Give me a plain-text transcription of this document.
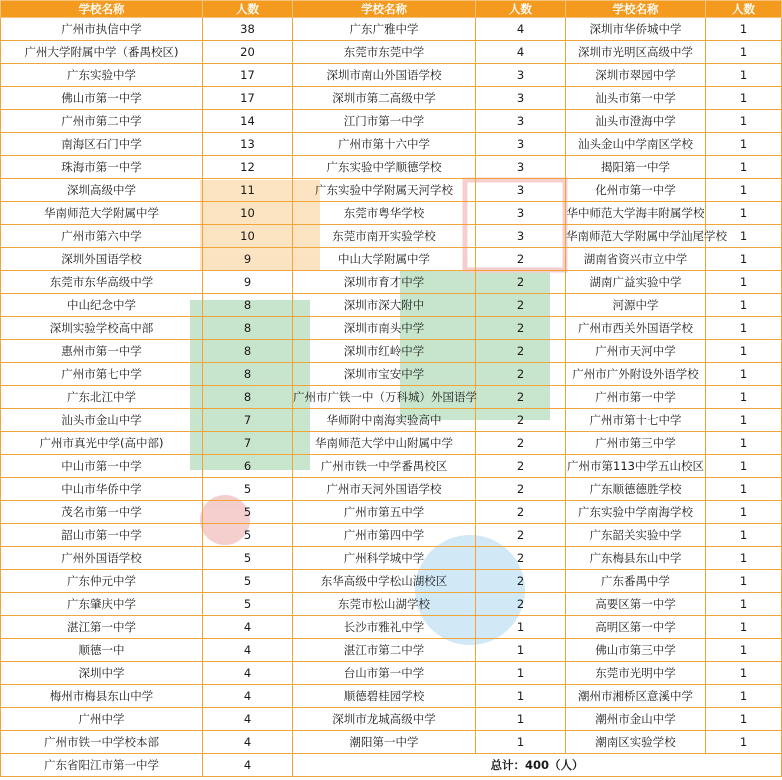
学校名称	人数	学校名称	人数	学校名称	人数
广州市执信中学	38	广东广雅中学	4	深圳市华侨城中学	1
广州大学附属中学（番禺校区)	20	东莞市东莞中学	4	深圳市光明区高级中学	1
广东实验中学	17	深圳市南山外国语学校	3	深圳市翠园中学	1
佛山市第一中学	17	深圳市第二高级中学	3	汕头市第一中学	1
广州市第二中学	14	江门市第一中学	3	汕头市澄海中学	1
南海区石门中学	13	广州市第十六中学	3	汕头金山中学南区学校	1
珠海市第一中学	12	广东实验中学顺德学校	3	揭阳第一中学	1
深圳高级中学	11	广东实验中学附属天河学校	3	化州市第一中学	1
华南师范大学附属中学	10	东莞市粤华学校	3	华中师范大学海丰附属学校	1
广州市第六中学	10	东莞市南开实验学校	3	华南师范大学附属中学汕尾学校	1
深圳外国语学校	9	中山大学附属中学	2	湖南省资兴市立中学	1
东莞市东华高级中学	9	深圳市育才中学	2	湖南广益实验中学	1
中山纪念中学	8	深圳市深大附中	2	河源中学	1
深圳实验学校高中部	8	深圳市南头中学	2	广州市西关外国语学校	1
惠州市第一中学	8	深圳市红岭中学	2	广州市天河中学	1
广州市第七中学	8	深圳市宝安中学	2	广州市广外附设外语学校	1
广东北江中学	8	广州市广铁一中（万科城）外国语学	2	广州市第一中学	1
汕头市金山中学	7	华师附中南海实验高中	2	广州市第十七中学	1
广州市真光中学(高中部)	7	华南师范大学中山附属中学	2	广州市第三中学	1
中山市第一中学	6	广州市铁一中学番禺校区	2	广州市第113中学五山校区	1
中山市华侨中学	5	广州市天河外国语学校	2	广东顺德德胜学校	1
茂名市第一中学	5	广州市第五中学	2	广东实验中学南海学校	1
韶山市第一中学	5	广州市第四中学	2	广东韶关实验中学	1
广州外国语学校	5	广州科学城中学	2	广东梅县东山中学	1
广东仲元中学	5	东华高级中学松山湖校区	2	广东番禺中学	1
广东肇庆中学	5	东莞市松山湖学校	2	高要区第一中学	1
湛江第一中学	4	长沙市雅礼中学	1	高明区第一中学	1
顺德一中	4	湛江市第二中学	1	佛山市第三中学	1
深圳中学	4	台山市第一中学	1	东莞市光明中学	1
梅州市梅县东山中学	4	顺德碧桂园学校	1	潮州市湘桥区意溪中学	1
广州中学	4	深圳市龙城高级中学	1	潮州市金山中学	1
广州市铁一中学校本部	4	潮阳第一中学	1	潮南区实验学校	1
广东省阳江市第一中学	4	总计：400（人）			
